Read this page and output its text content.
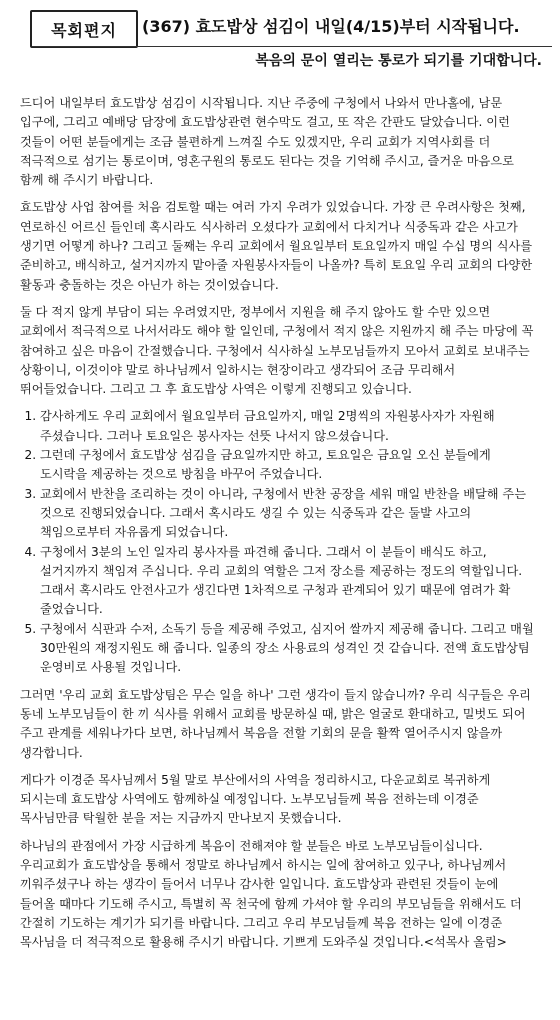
목회편지	(367) 효도밥상 섬김이 내일(4/15)부터 시작됩니다.
복음의 문이 열리는 통로가 되기를 기대합니다.

드디어 내일부터 효도밥상 섬김이 시작됩니다. 지난 주중에 구청에서 나와서 만나홀에, 남문 입구에, 그리고 예배당 담장에 효도밥상관련 현수막도 걸고, 또 작은 간판도 달았습니다. 이런 것들이 어떤 분들에게는 조금 불편하게 느껴질 수도 있겠지만, 우리 교회가 지역사회를 더 적극적으로 섬기는 통로이며, 영혼구원의 통로도 된다는 것을 기억해 주시고, 즐거운 마음으로 함께 해 주시기 바랍니다.

효도밥상 사업 참여를 처음 검토할 때는 여러 가지 우려가 있었습니다. 가장 큰 우려사항은 첫째, 연로하신 어르신 들인데 혹시라도 식사하러 오셨다가 교회에서 다치거나 식중독과 같은 사고가 생기면 어떻게 하나? 그리고 둘째는 우리 교회에서 월요일부터 토요일까지 매일 수십 명의 식사를 준비하고, 배식하고, 설거지까지 맡아줄 자원봉사자들이 나올까? 특히 토요일 우리 교회의 다양한 활동과 충돌하는 것은 아닌가 하는 것이었습니다.

둘 다 적지 않게 부담이 되는 우려였지만, 정부에서 지원을 해 주지 않아도 할 수만 있으면 교회에서 적극적으로 나서서라도 해야 할 일인데, 구청에서 적지 않은 지원까지 해 주는 마당에 꼭 참여하고 싶은 마음이 간절했습니다. 구청에서 식사하실 노부모님들까지 모아서 교회로 보내주는 상황이니, 이것이야 말로 하나님께서 일하시는 현장이라고 생각되어 조금 무리해서 뛰어들었습니다. 그리고 그 후 효도밥상 사역은 이렇게 진행되고 있습니다.

1. 감사하게도 우리 교회에서 월요일부터 금요일까지, 매일 2명씩의 자원봉사자가 자원해 주셨습니다. 그러나 토요일은 봉사자는 선뜻 나서지 않으셨습니다.
2. 그런데 구청에서 효도밥상 섬김을 금요일까지만 하고, 토요일은 금요일 오신 분들에게 도시락을 제공하는 것으로 방침을 바꾸어 주었습니다.
3. 교회에서 반찬을 조리하는 것이 아니라, 구청에서 반찬 공장을 세워 매일 반찬을 배달해 주는 것으로 진행되었습니다. 그래서 혹시라도 생길 수 있는 식중독과 같은 둘발 사고의 책임으로부터 자유롭게 되었습니다.
4. 구청에서 3분의 노인 일자리 봉사자를 파견해 줍니다. 그래서 이 분들이 배식도 하고, 설거지까지 책임져 주십니다. 우리 교회의 역할은 그저 장소를 제공하는 정도의 역할입니다. 그래서 혹시라도 안전사고가 생긴다면 1차적으로 구청과 관계되어 있기 때문에 염려가 확 줄었습니다.
5. 구청에서 식판과 수저, 소독기 등을 제공해 주었고, 심지어 쌀까지 제공해 줍니다. 그리고 매월 30만원의 재정지원도 해 줍니다. 일종의 장소 사용료의 성격인 것 같습니다. 전액 효도밥상팀 운영비로 사용될 것입니다.

그러면 '우리 교회 효도밥상팀은 무슨 일을 하나' 그런 생각이 들지 않습니까? 우리 식구들은 우리 동네 노부모님들이 한 끼 식사를 위해서 교회를 방문하실 때, 밝은 얼굴로 환대하고, 밀벗도 되어 주고 관계를 세워나가다 보면, 하나님께서 복음을 전할 기회의 문을 활짝 열어주시지 않을까 생각합니다.

게다가 이경준 목사님께서 5월 말로 부산에서의 사역을 정리하시고, 다운교회로 복귀하게 되시는데 효도밥상 사역에도 함께하실 예정입니다. 노부모님들께 복음 전하는데 이경준 목사님만큼 탁월한 분을 저는 지금까지 만나보지 못했습니다.

하나님의 관점에서 가장 시급하게 복음이 전해져야 할 분들은 바로 노부모님들이십니다. 우리교회가 효도밥상을 통해서 정말로 하나님께서 하시는 일에 참여하고 있구나, 하나님께서 끼워주셨구나 하는 생각이 들어서 너무나 감사한 일입니다. 효도밥상과 관련된 것들이 눈에 들어올 때마다 기도해 주시고, 특별히 꼭 천국에 함께 가셔야 할 우리의 부모님들을 위해서도 더 간절히 기도하는 계기가 되기를 바랍니다. 그리고 우리 부모님들께 복음 전하는 일에 이경준 목사님을 더 적극적으로 활용해 주시기 바랍니다. 기쁘게 도와주실 것입니다.<석목사 올림>
